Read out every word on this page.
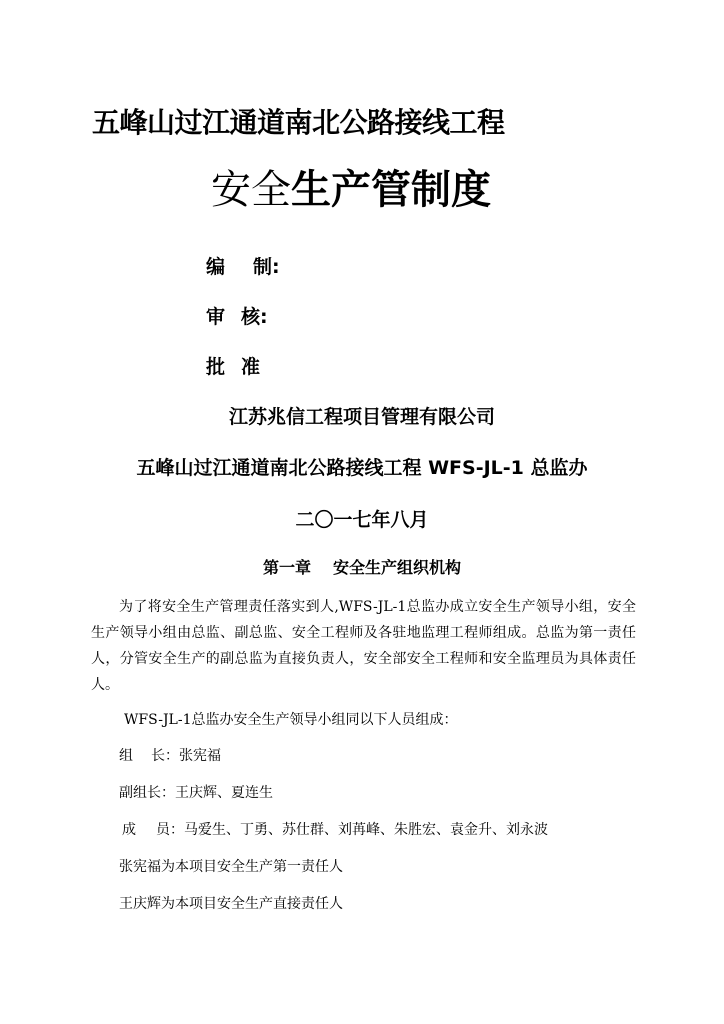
五峰山过江通道南北公路接线工程
安全生产管制度
编 制:
审 核:
批 准
江苏兆信工程项目管理有限公司
五峰山过江通道南北公路接线工程 WFS-JL-1 总监办
二〇一七年八月
第一章 安全生产组织机构
为了将安全生产管理责任落实到人,WFS-JL-1总监办成立安全生产领导小组，安全生产领导小组由总监、副总监、安全工程师及各驻地监理工程师组成。总监为第一责任人，分管安全生产的副总监为直接负责人，安全部安全工程师和安全监理员为具体责任人。
WFS-JL-1总监办安全生产领导小组同以下人员组成：
组 长：张宪福
副组长：王庆辉、夏连生
成 员：马爱生、丁勇、苏仕群、刘苒峰、朱胜宏、袁金升、刘永波
张宪福为本项目安全生产第一责任人
王庆辉为本项目安全生产直接责任人
